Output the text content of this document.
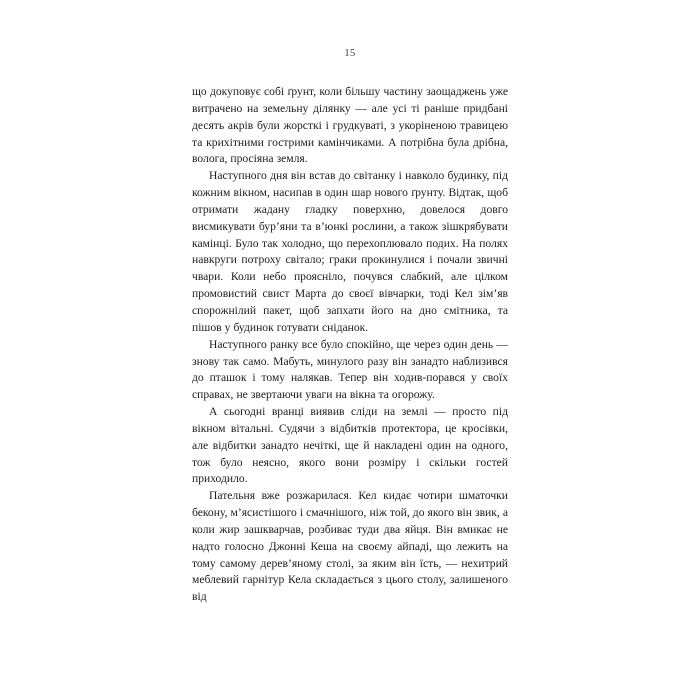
15

що докуповує собі ґрунт, коли більшу частину заощаджень уже витрачено на земельну ділянку — але усі ті раніше придбані десять акрів були жорсткі і грудкуваті, з укоріненою травицею та крихітними гострими камінчиками. А потрібна була дрібна, волога, просіяна земля.

Наступного дня він встав до світанку і навколо будинку, під кожним вікном, насипав в один шар нового ґрунту. Відтак, щоб отримати жадану гладку поверхню, довелося довго висмикувати бур’яни та в’юнкі рослини, а також зішкрябувати камінці. Було так холодно, що перехоплювало подих. На полях навкруги потроху світало; граки прокинулися і почали звичні чвари. Коли небо прояснiло, почувся слабкий, але цілком промовистий свист Марта до своєї вівчарки, тоді Кел зім’яв спорожнілий пакет, щоб запхати його на дно смітника, та пішов у будинок готувати сніданок.

Наступного ранку все було спокійно, ще через один день — знову так само. Мабуть, минулого разу він занадто наблизився до пташок і тому налякав. Тепер він ходив-порався у своїх справах, не звертаючи уваги на вікна та огорожу.

А сьогодні вранці виявив сліди на землі — просто під вікном вітальні. Судячи з відбитків протектора, це кросівки, але відбитки занадто нечіткі, ще й накладені один на одного, тож було неясно, якого вони розміру і скільки гостей приходило.

Пательня вже розжарилася. Кел кидає чотири шматочки бекону, м’ясистішого і смачнішого, ніж той, до якого він звик, а коли жир зашкварчав, розбиває туди два яйця. Він вмикає не надто голосно Джонні Кеша на своєму айпаді, що лежить на тому самому дерев’яному столі, за яким він їсть, — нехитрий меблевий гарнітур Кела складається з цього столу, залишеного від
